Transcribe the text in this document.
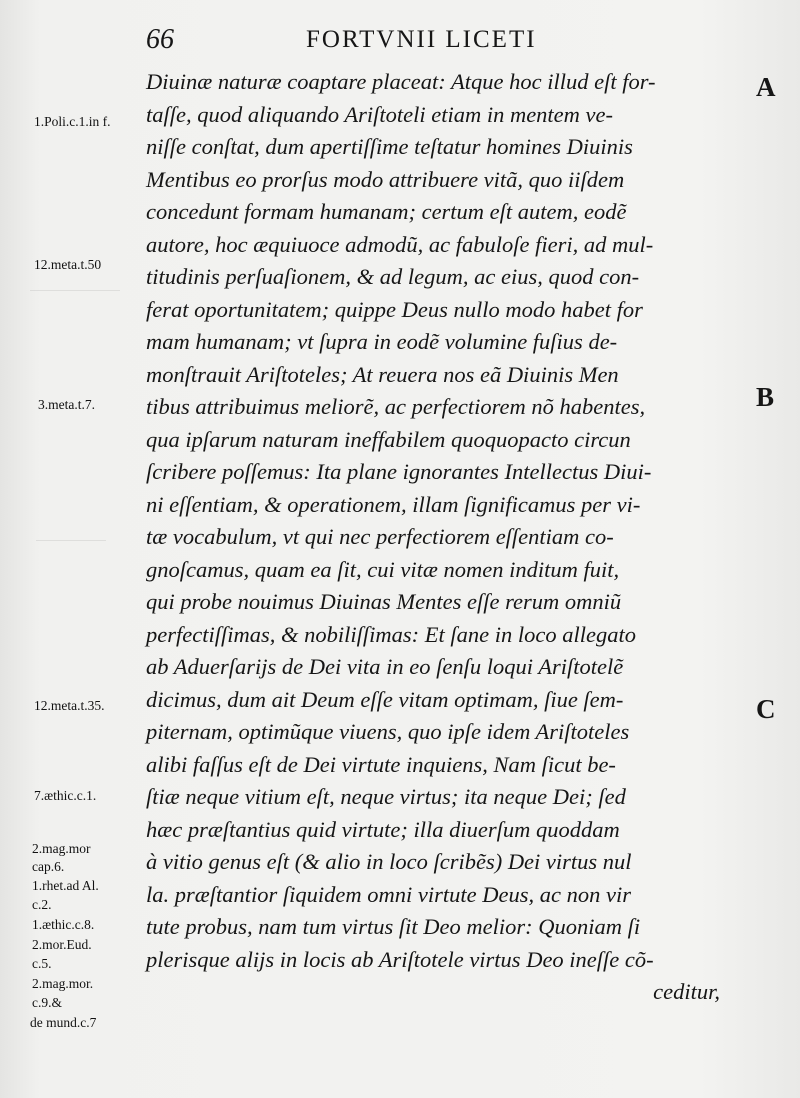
66	FORTVNII LICETI
Diuinæ naturæ coaptare placeat: Atque hoc illud eſt for-
taſſe, quod aliquando Ariſtoteli etiam in mentem ve-
niſſe conſtat, dum apertiſſime teſtatur homines Diuinis
Mentibus eo prorſus modo attribuere vitã, quo iiſdem
concedunt formam humanam; certum eſt autem, eodẽ
autore, hoc æquiuoce admodũ, ac fabuloſe fieri, ad mul-
titudinis perſuaſionem, & ad legum, ac eius, quod con-
ferat oportunitatem; quippe Deus nullo modo habet for
mam humanam; vt ſupra in eodẽ volumine fuſius de-
monſtrauit Ariſtoteles; At reuera nos eã Diuinis Men
tibus attribuimus meliorẽ, ac perfectiorem nõ habentes,
qua ipſarum naturam ineffabilem quoquopacto circun
ſcribere poſſemus: Ita plane ignorantes Intellectus Diui-
ni eſſentiam, & operationem, illam ſignificamus per vi-
tæ vocabulum, vt qui nec perfectiorem eſſentiam co-
gnoſcamus, quam ea ſit, cui vitæ nomen inditum fuit,
qui probe nouimus Diuinas Mentes eſſe rerum omniũ
perfectiſſimas, & nobiliſſimas: Et ſane in loco allegato
ab Aduerſarijs de Dei vita in eo ſenſu loqui Ariſtotelẽ
dicimus, dum ait Deum eſſe vitam optimam, ſiue ſem-
piternam, optimũque viuens, quo ipſe idem Ariſtoteles
alibi faſſus eſt de Dei virtute inquiens, Nam ſicut be-
ſtiæ neque vitium eſt, neque virtus; ita neque Dei; ſed
hæc præſtantius quid virtute; illa diuerſum quoddam
à vitio genus eſt (& alio in loco ſcribẽs) Dei virtus nul
la. præſtantior ſiquidem omni virtute Deus, ac non vir
tute probus, nam tum virtus ſit Deo melior: Quoniam ſi
plerisque alijs in locis ab Ariſtotele virtus Deo ineſſe cõ-
ceditur,
1.Poli.c.1.in f.
12.meta.t.50
3.meta.t.7.
12.meta.t.35.
7.æthic.c.1.
2.mag.mor
cap.6.
1.rhet.ad Al.
c.2.
1.æthic.c.8.
2.mor.Eud.
c.5.
2.mag.mor.
c.9.&
de mund.c.7
A
B
C
